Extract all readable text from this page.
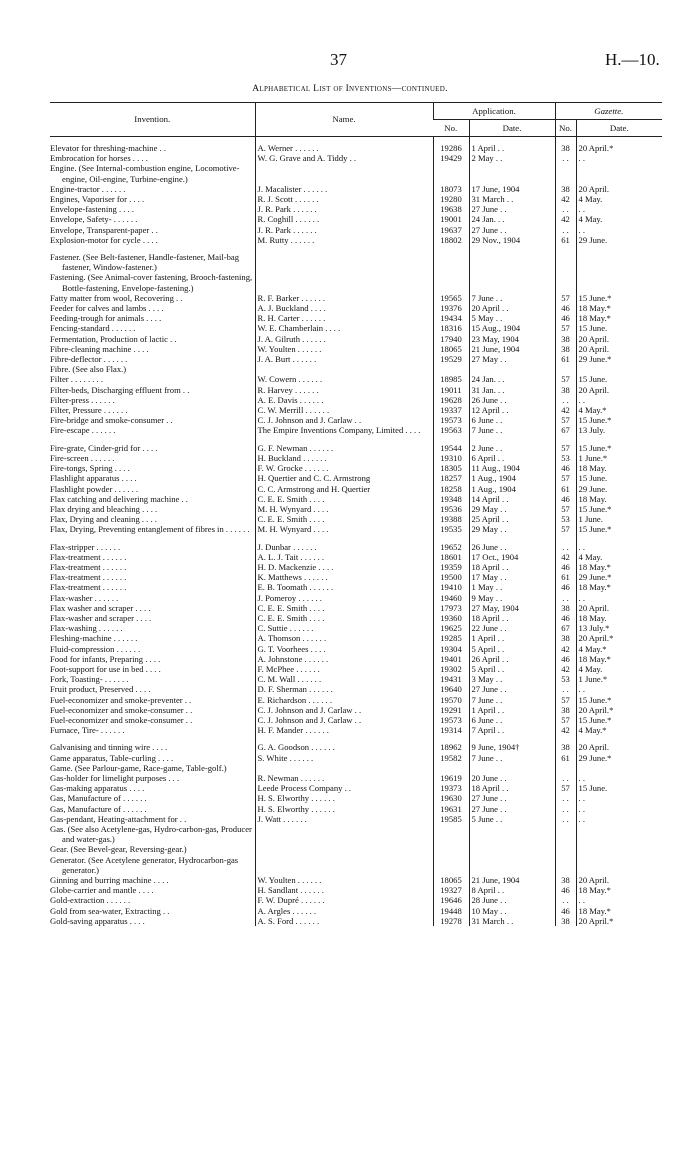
37	H.—10.
Alphabetical List of Inventions—continued.
Invention.	Name.	Application.		Gazette.	
		No.	Date.	No.	Date.
Elevator for threshing-machine . .	A. Werner . . . . . .	19286	1 April . .	38	20 April.*
Embrocation for horses . . . .	W. G. Grave and A. Tiddy . .	19429	2 May . .	. .	. .
Engine. (See Internal-combustion engine, Locomotive-engine, Oil-engine, Turbine-engine.)					
Engine-tractor . . . . . .	J. Macalister . . . . . .	18073	17 June, 1904	38	20 April.
Engines, Vaporiser for . . . .	R. J. Scott . . . . . .	19280	31 March . .	42	4 May.
Envelope-fastening . . . .	J. R. Park . . . . . .	19638	27 June . .	. .	. .
Envelope, Safety- . . . . . .	R. Coghill . . . . . .	19001	24 Jan. . .	42	4 May.
Envelope, Transparent-paper . .	J. R. Park . . . . . .	19637	27 June . .	. .	. .
Explosion-motor for cycle . . . .	M. Rutty . . . . . .	18802	29 Nov., 1904	61	29 June.

Fastener. (See Belt-fastener, Handle-fastener, Mail-bag fastener, Window-fastener.)					
Fastening. (See Animal-cover fastening, Brooch-fastening, Bottle-fastening, Envelope-fastening.)					
Fatty matter from wool, Recovering . .	R. F. Barker . . . . . .	19565	7 June . .	57	15 June.*
Feeder for calves and lambs . . . .	A. J. Buckland . . . .	19376	20 April . .	46	18 May.*
Feeding-trough for animals . . . .	R. H. Carter . . . . . .	19434	5 May . .	46	18 May.*
Fencing-standard . . . . . .	W. E. Chamberlain . . . .	18316	15 Aug., 1904	57	15 June.
Fermentation, Production of lactic . .	J. A. Gilruth . . . . . .	17940	23 May, 1904	38	20 April.
Fibre-cleaning machine . . . .	W. Youlten . . . . . .	18065	21 June, 1904	38	20 April.
Fibre-deflector . . . . . .	J. A. Burt . . . . . .	19529	27 May . .	61	29 June.*
Fibre. (See also Flax.)					
Filter . . . . . . . .	W. Cowern . . . . . .	18985	24 Jan. . .	57	15 June.
Filter-beds, Discharging effluent from . .	R. Harvey . . . . . .	19011	31 Jan. . .	38	20 April.
Filter-press . . . . . .	A. E. Davis . . . . . .	19628	26 June . .	. .	. .
Filter, Pressure . . . . . .	C. W. Merrill . . . . . .	19337	12 April . .	42	4 May.*
Fire-bridge and smoke-consumer . .	C. J. Johnson and J. Carlaw . .	19573	6 June . .	57	15 June.*
Fire-escape . . . . . .	The Empire Inventions Company, Limited . . . .	19563	7 June . .	67	13 July.

Fire-grate, Cinder-grid for . . . .	G. F. Newman . . . . . .	19544	2 June . .	57	15 June.*
Fire-screen . . . . . .	H. Buckland . . . . . .	19310	6 April . .	53	1 June.*
Fire-tongs, Spring . . . .	F. W. Grocke . . . . . .	18305	11 Aug., 1904	46	18 May.
Flashlight apparatus . . . .	H. Quertier and C. C. Armstrong	18257	1 Aug., 1904	57	15 June.
Flashlight powder . . . . . .	C. C. Armstrong and H. Quertier	18258	1 Aug., 1904	61	29 June.
Flax catching and delivering machine . .	C. E. E. Smith . . . .	19348	14 April . .	46	18 May.
Flax drying and bleaching . . . .	M. H. Wynyard . . . .	19536	29 May . .	57	15 June.*
Flax, Drying and cleaning . . . .	C. E. E. Smith . . . .	19388	25 April . .	53	1 June.
Flax, Drying, Preventing entanglement of fibres in . . . . . .	M. H. Wynyard . . . .	19535	29 May . .	57	15 June.*

Flax-stripper . . . . . .	J. Dunbar . . . . . .	19652	26 June . .	. .	. .
Flax-treatment . . . . . .	A. L. J. Tait . . . . . .	18601	17 Oct., 1904	42	4 May.
Flax-treatment . . . . . .	H. D. Mackenzie . . . .	19359	18 April . .	46	18 May.*
Flax-treatment . . . . . .	K. Matthews . . . . . .	19500	17 May . .	61	29 June.*
Flax-treatment . . . . . .	E. B. Toomath . . . . . .	19410	1 May . .	46	18 May.*
Flax-washer . . . . . .	J. Pomeroy . . . . . .	19460	9 May . .	. .	. .
Flax washer and scraper . . . .	C. E. E. Smith . . . .	17973	27 May, 1904	38	20 April.
Flax-washer and scraper . . . .	C. E. E. Smith . . . .	19360	18 April . .	46	18 May.
Flax-washing . . . . . .	C. Suttie . . . . . .	19625	22 June . .	67	13 July.*
Fleshing-machine . . . . . .	A. Thomson . . . . . .	19285	1 April . .	38	20 April.*
Fluid-compression . . . . . .	G. T. Voorhees . . . .	19304	5 April . .	42	4 May.*
Food for infants, Preparing . . . .	A. Johnstone . . . . . .	19401	26 April . .	46	18 May.*
Foot-support for use in bed . . . .	F. McPhee . . . . . .	19302	5 April . .	42	4 May.
Fork, Toasting- . . . . . .	C. M. Wall . . . . . .	19431	3 May . .	53	1 June.*
Fruit product, Preserved . . . .	D. F. Sherman . . . . . .	19640	27 June . .	. .	. .
Fuel-economizer and smoke-preventer . .	E. Richardson . . . . . .	19570	7 June . .	57	15 June.*
Fuel-economizer and smoke-consumer . .	C. J. Johnson and J. Carlaw . .	19291	1 April . .	38	20 April.*
Fuel-economizer and smoke-consumer . .	C. J. Johnson and J. Carlaw . .	19573	6 June . .	57	15 June.*
Furnace, Tire- . . . . . .	H. F. Mander . . . . . .	19314	7 April . .	42	4 May.*

Galvanising and tinning wire . . . .	G. A. Goodson . . . . . .	18962	9 June, 1904†	38	20 April.
Game apparatus, Table-curling . . . .	S. White . . . . . .	19582	7 June . .	61	29 June.*
Game. (See Parlour-game, Race-game, Table-golf.)					
Gas-holder for limelight purposes . . .	R. Newman . . . . . .	19619	20 June . .	. .	. .
Gas-making apparatus . . . .	Leede Process Company . .	19373	18 April . .	57	15 June.
Gas, Manufacture of . . . . . .	H. S. Elworthy . . . . . .	19630	27 June . .	. .	. .
Gas, Manufacture of . . . . . .	H. S. Elworthy . . . . . .	19631	27 June . .	. .	. .
Gas-pendant, Heating-attachment for . .	J. Watt . . . . . .	19585	5 June . .	. .	. .
Gas. (See also Acetylene-gas, Hydro-carbon-gas, Producer and water-gas.)					
Gear. (See Bevel-gear, Reversing-gear.)					
Generator. (See Acetylene generator, Hydrocarbon-gas generator.)					
Ginning and burring machine . . . .	W. Youlten . . . . . .	18065	21 June, 1904	38	20 April.
Globe-carrier and mantle . . . .	H. Sandlant . . . . . .	19327	8 April . .	46	18 May.*
Gold-extraction . . . . . .	F. W. Dupré . . . . . .	19646	28 June . .	. .	. .
Gold from sea-water, Extracting . .	A. Argles . . . . . .	19448	10 May . .	46	18 May.*
Gold-saving apparatus . . . .	A. S. Ford . . . . . .	19278	31 March . .	38	20 April.*
